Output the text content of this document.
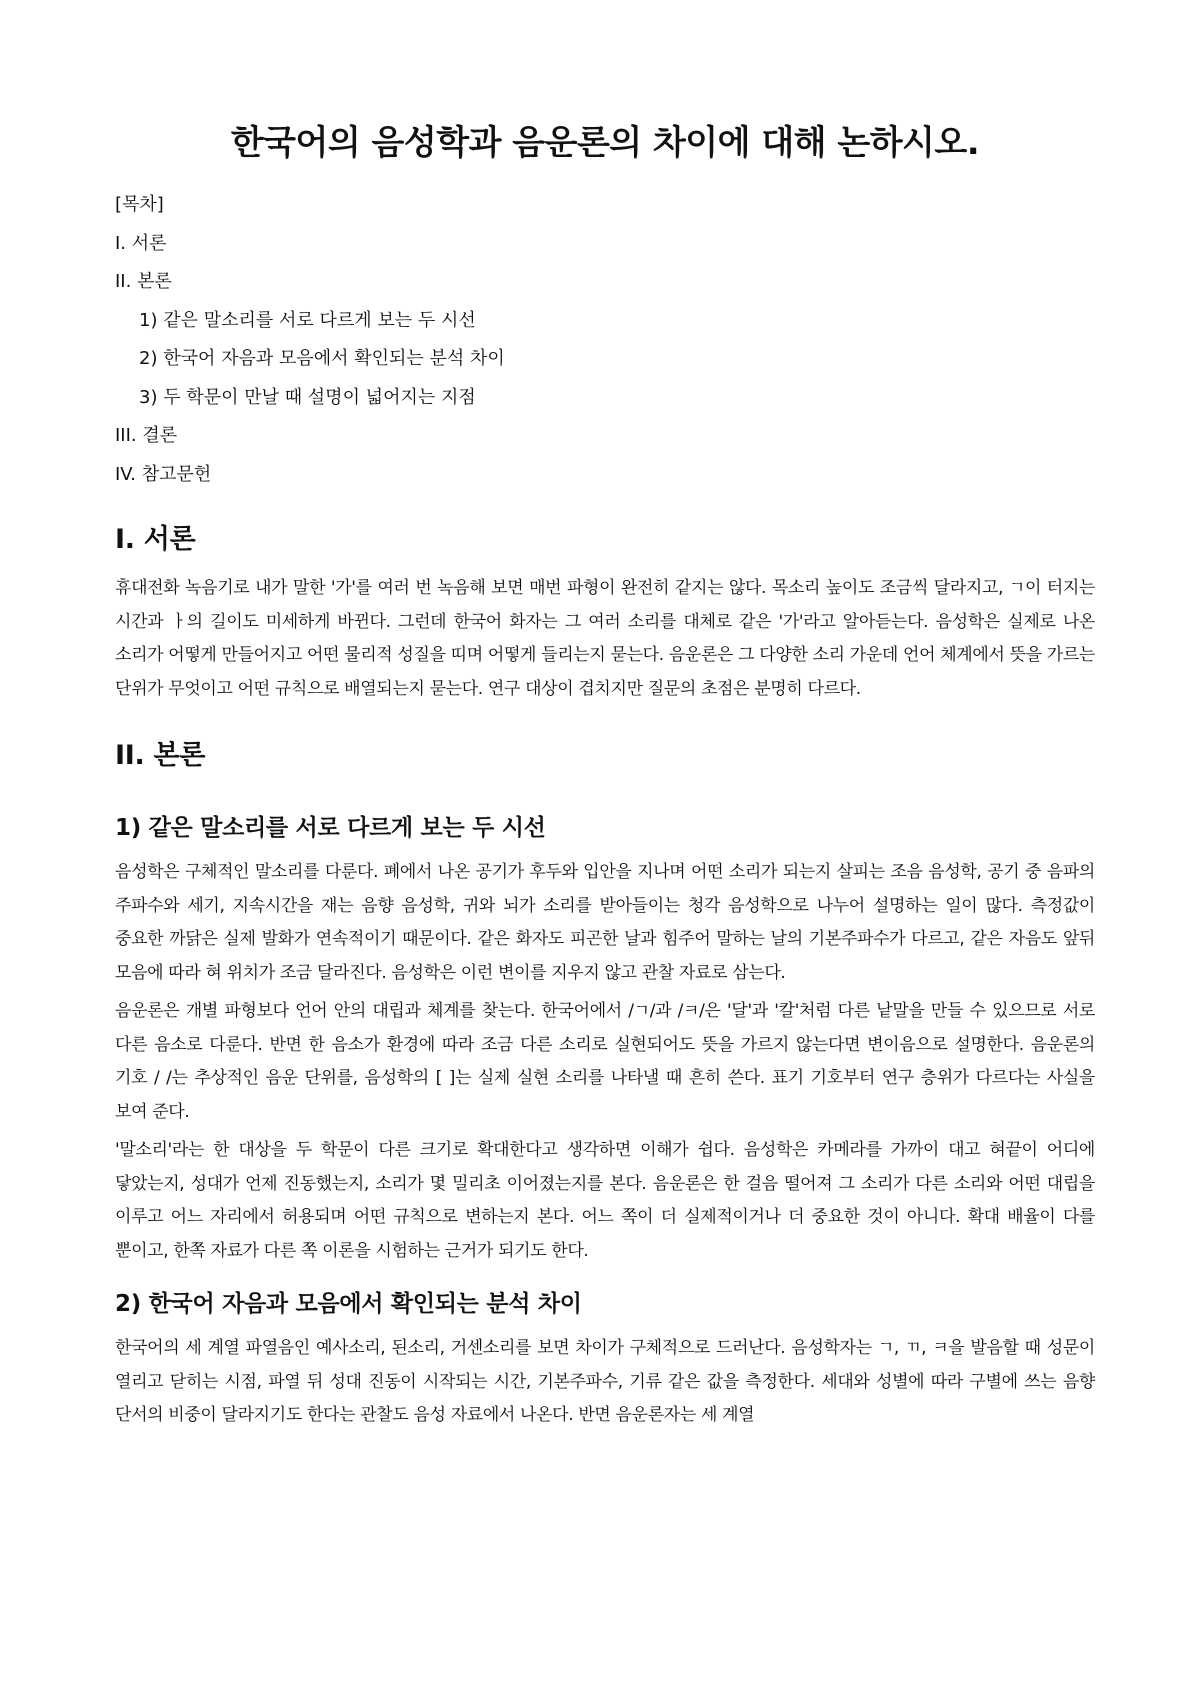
한국어의 음성학과 음운론의 차이에 대해 논하시오.
[목차]
I. 서론
II. 본론
1) 같은 말소리를 서로 다르게 보는 두 시선
2) 한국어 자음과 모음에서 확인되는 분석 차이
3) 두 학문이 만날 때 설명이 넓어지는 지점
III. 결론
IV. 참고문헌
I. 서론

휴대전화 녹음기로 내가 말한 '가'를 여러 번 녹음해 보면 매번 파형이 완전히 같지는 않다. 목소리 높이도 조금씩 달라지고, ㄱ이 터지는 시간과 ㅏ의 길이도 미세하게 바뀐다. 그런데 한국어 화자는 그 여러 소리를 대체로 같은 '가'라고 알아듣는다. 음성학은 실제로 나온 소리가 어떻게 만들어지고 어떤 물리적 성질을 띠며 어떻게 들리는지 묻는다. 음운론은 그 다양한 소리 가운데 언어 체계에서 뜻을 가르는 단위가 무엇이고 어떤 규칙으로 배열되는지 묻는다. 연구 대상이 겹치지만 질문의 초점은 분명히 다르다.

II. 본론
1) 같은 말소리를 서로 다르게 보는 두 시선

음성학은 구체적인 말소리를 다룬다. 폐에서 나온 공기가 후두와 입안을 지나며 어떤 소리가 되는지 살피는 조음 음성학, 공기 중 음파의 주파수와 세기, 지속시간을 재는 음향 음성학, 귀와 뇌가 소리를 받아들이는 청각 음성학으로 나누어 설명하는 일이 많다. 측정값이 중요한 까닭은 실제 발화가 연속적이기 때문이다. 같은 화자도 피곤한 날과 힘주어 말하는 날의 기본주파수가 다르고, 같은 자음도 앞뒤 모음에 따라 혀 위치가 조금 달라진다. 음성학은 이런 변이를 지우지 않고 관찰 자료로 삼는다.

음운론은 개별 파형보다 언어 안의 대립과 체계를 찾는다. 한국어에서 /ㄱ/과 /ㅋ/은 '달'과 '칼'처럼 다른 낱말을 만들 수 있으므로 서로 다른 음소로 다룬다. 반면 한 음소가 환경에 따라 조금 다른 소리로 실현되어도 뜻을 가르지 않는다면 변이음으로 설명한다. 음운론의 기호 / /는 추상적인 음운 단위를, 음성학의 [ ]는 실제 실현 소리를 나타낼 때 흔히 쓴다. 표기 기호부터 연구 층위가 다르다는 사실을 보여 준다.

'말소리'라는 한 대상을 두 학문이 다른 크기로 확대한다고 생각하면 이해가 쉽다. 음성학은 카메라를 가까이 대고 혀끝이 어디에 닿았는지, 성대가 언제 진동했는지, 소리가 몇 밀리초 이어졌는지를 본다. 음운론은 한 걸음 떨어져 그 소리가 다른 소리와 어떤 대립을 이루고 어느 자리에서 허용되며 어떤 규칙으로 변하는지 본다. 어느 쪽이 더 실제적이거나 더 중요한 것이 아니다. 확대 배율이 다를 뿐이고, 한쪽 자료가 다른 쪽 이론을 시험하는 근거가 되기도 한다.

2) 한국어 자음과 모음에서 확인되는 분석 차이

한국어의 세 계열 파열음인 예사소리, 된소리, 거센소리를 보면 차이가 구체적으로 드러난다. 음성학자는 ㄱ, ㄲ, ㅋ을 발음할 때 성문이 열리고 닫히는 시점, 파열 뒤 성대 진동이 시작되는 시간, 기본주파수, 기류 같은 값을 측정한다. 세대와 성별에 따라 구별에 쓰는 음향 단서의 비중이 달라지기도 한다는 관찰도 음성 자료에서 나온다. 반면 음운론자는 세 계열
